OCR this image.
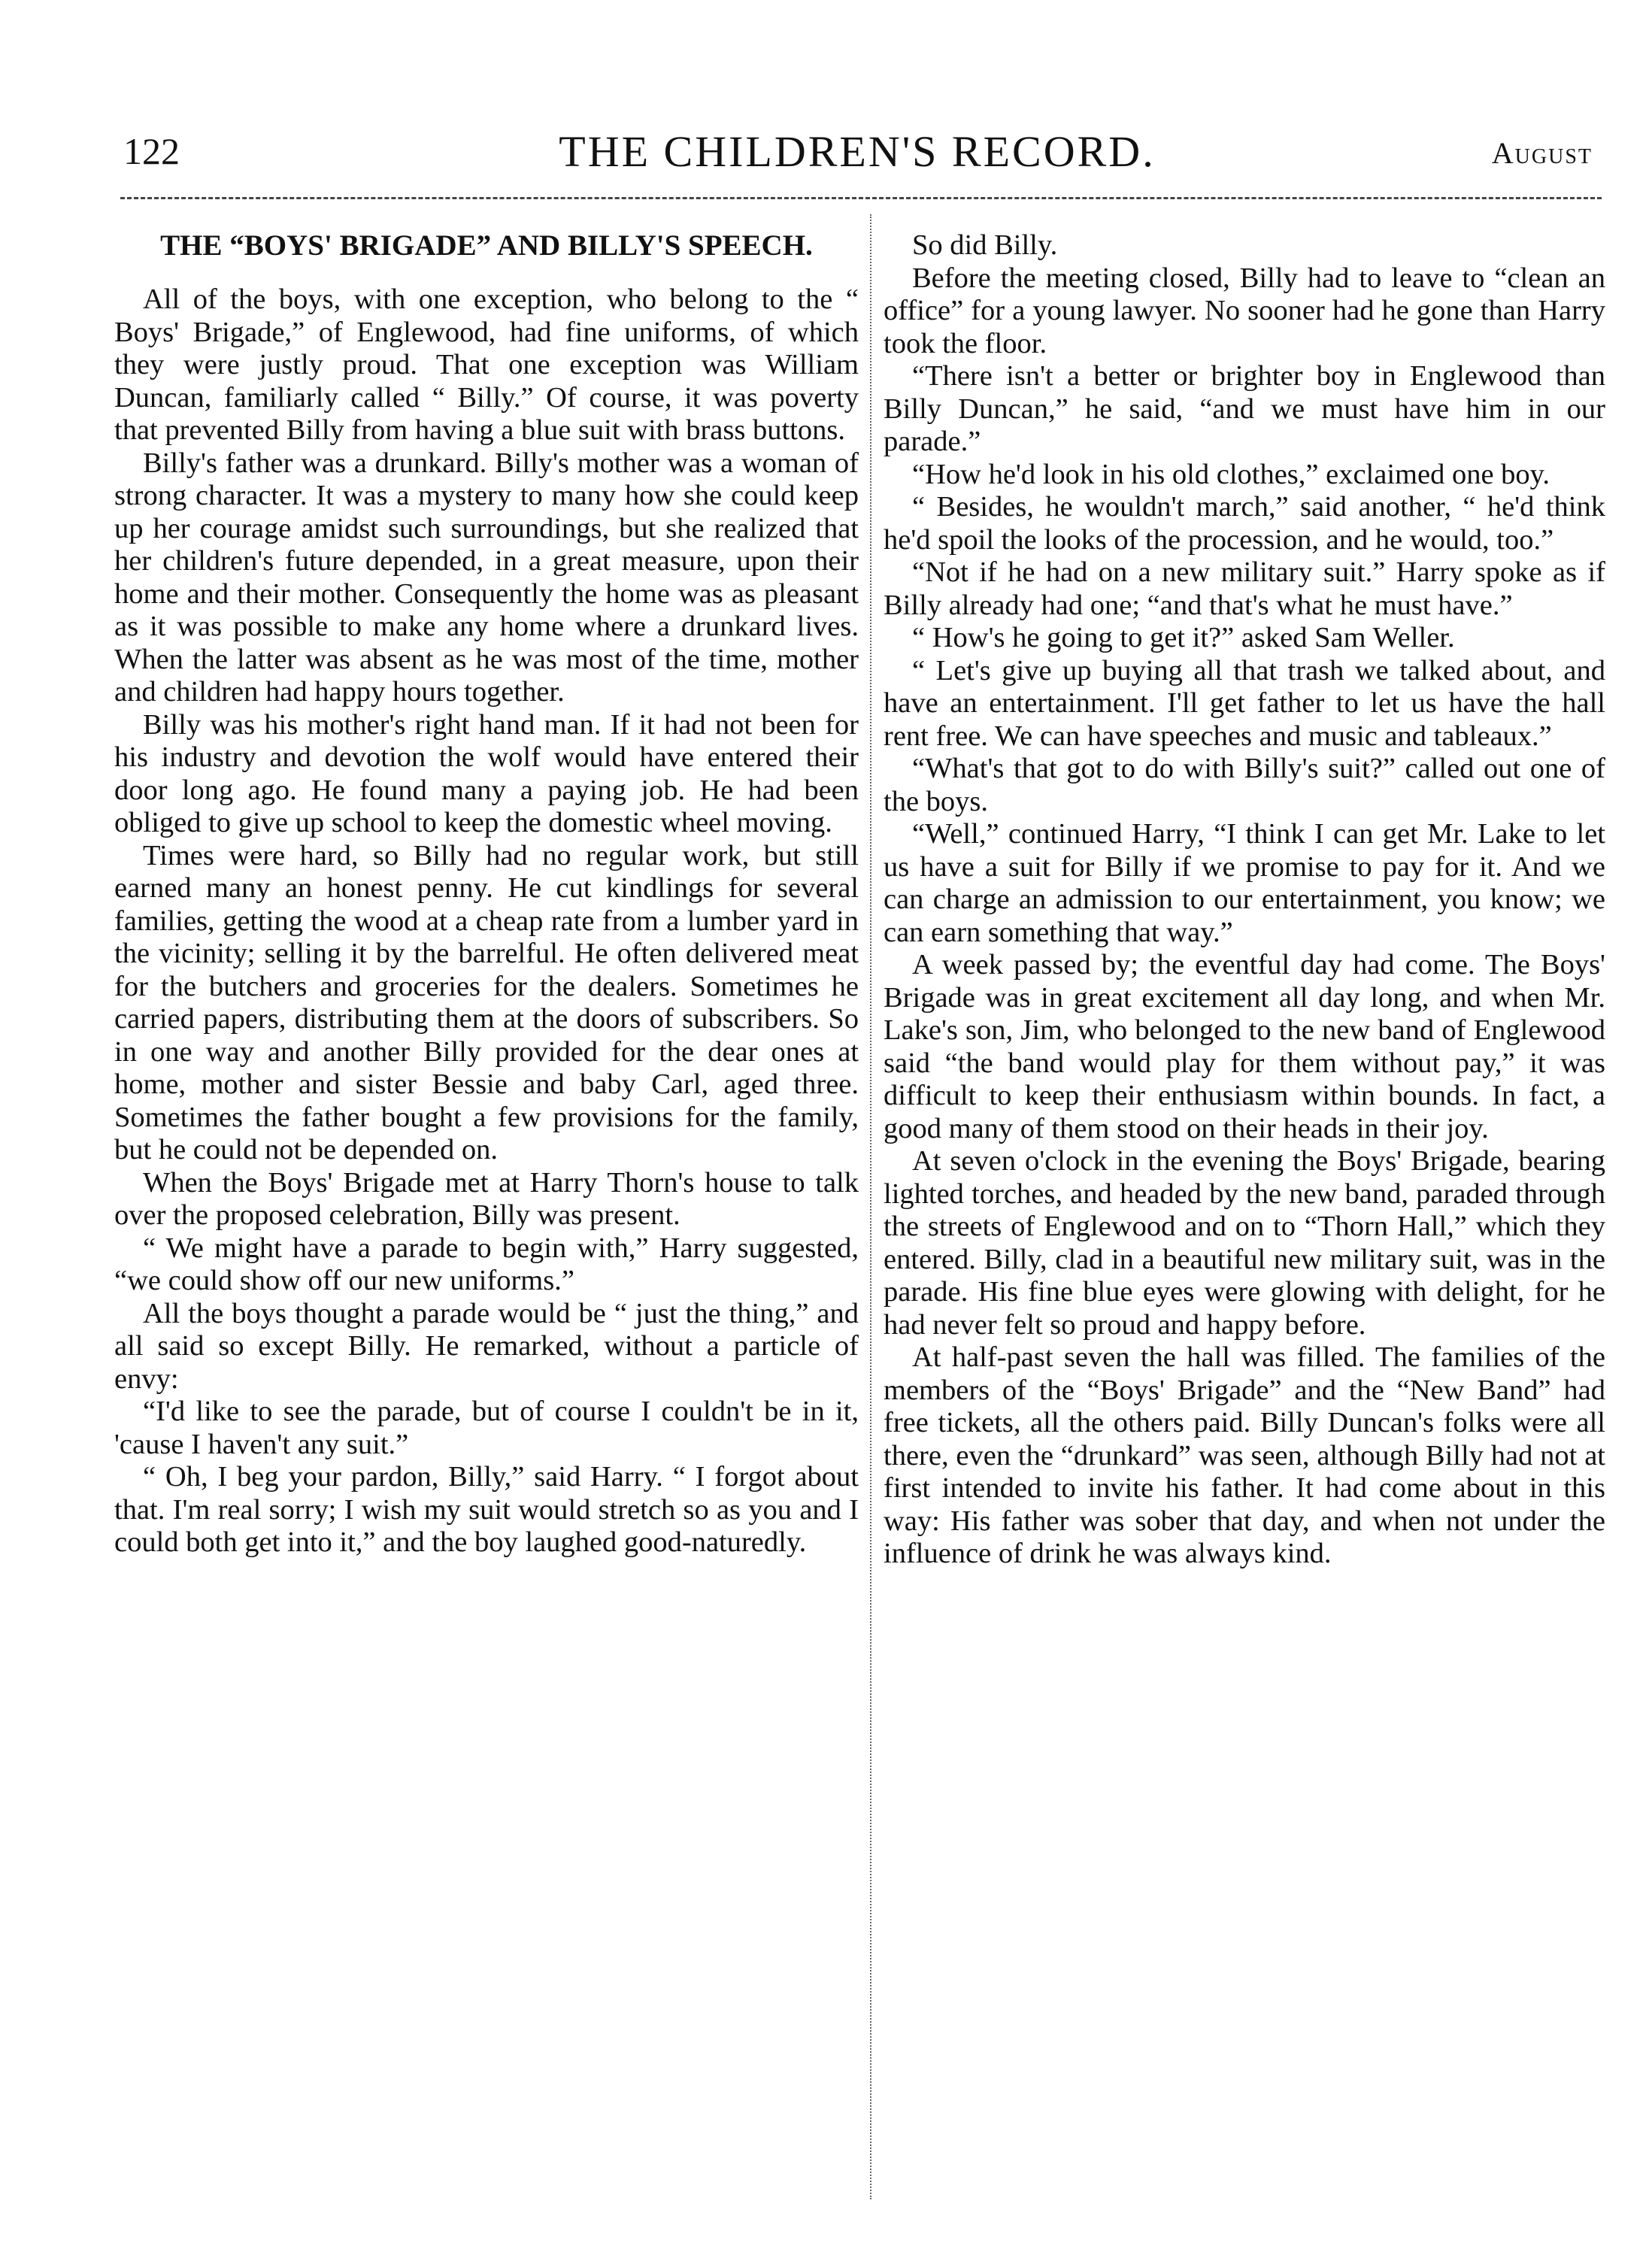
122	THE CHILDREN'S RECORD.	August
THE “BOYS' BRIGADE” AND BILLY'S SPEECH.

All of the boys, with one exception, who belong to the “ Boys' Brigade,” of Englewood, had fine uniforms, of which they were justly proud. That one exception was William Duncan, familiarly called “ Billy.” Of course, it was poverty that prevented Billy from having a blue suit with brass buttons.

Billy's father was a drunkard. Billy's mother was a woman of strong character. It was a mystery to many how she could keep up her courage amidst such surroundings, but she realized that her children's future depended, in a great measure, upon their home and their mother. Consequently the home was as pleasant as it was possible to make any home where a drunkard lives. When the latter was absent as he was most of the time, mother and children had happy hours together.

Billy was his mother's right hand man. If it had not been for his industry and devotion the wolf would have entered their door long ago. He found many a paying job. He had been obliged to give up school to keep the domestic wheel moving.

Times were hard, so Billy had no regular work, but still earned many an honest penny. He cut kindlings for several families, getting the wood at a cheap rate from a lumber yard in the vicinity; selling it by the barrelful. He often delivered meat for the butchers and groceries for the dealers. Sometimes he carried papers, distributing them at the doors of subscribers. So in one way and another Billy provided for the dear ones at home, mother and sister Bessie and baby Carl, aged three. Sometimes the father bought a few provisions for the family, but he could not be depended on.

When the Boys' Brigade met at Harry Thorn's house to talk over the proposed celebration, Billy was present.

“ We might have a parade to begin with,” Harry suggested, “we could show off our new uniforms.”

All the boys thought a parade would be “ just the thing,” and all said so except Billy. He remarked, without a particle of envy:

“I'd like to see the parade, but of course I couldn't be in it, 'cause I haven't any suit.”

“ Oh, I beg your pardon, Billy,” said Harry. “ I forgot about that. I'm real sorry; I wish my suit would stretch so as you and I could both get into it,” and the boy laughed good-naturedly.

So did Billy.

Before the meeting closed, Billy had to leave to “clean an office” for a young lawyer. No sooner had he gone than Harry took the floor.

“There isn't a better or brighter boy in Englewood than Billy Duncan,” he said, “and we must have him in our parade.”

“How he'd look in his old clothes,” exclaimed one boy.

“ Besides, he wouldn't march,” said another, “ he'd think he'd spoil the looks of the procession, and he would, too.”

“Not if he had on a new military suit.” Harry spoke as if Billy already had one; “and that's what he must have.”

“ How's he going to get it?” asked Sam Weller.

“ Let's give up buying all that trash we talked about, and have an entertainment. I'll get father to let us have the hall rent free. We can have speeches and music and tableaux.”

“What's that got to do with Billy's suit?” called out one of the boys.

“Well,” continued Harry, “I think I can get Mr. Lake to let us have a suit for Billy if we promise to pay for it. And we can charge an admission to our entertainment, you know; we can earn something that way.”

A week passed by; the eventful day had come. The Boys' Brigade was in great excitement all day long, and when Mr. Lake's son, Jim, who belonged to the new band of Englewood said “the band would play for them without pay,” it was difficult to keep their enthusiasm within bounds. In fact, a good many of them stood on their heads in their joy.

At seven o'clock in the evening the Boys' Brigade, bearing lighted torches, and headed by the new band, paraded through the streets of Englewood and on to “Thorn Hall,” which they entered. Billy, clad in a beautiful new military suit, was in the parade. His fine blue eyes were glowing with delight, for he had never felt so proud and happy before.

At half-past seven the hall was filled. The families of the members of the “Boys' Brigade” and the “New Band” had free tickets, all the others paid. Billy Duncan's folks were all there, even the “drunkard” was seen, although Billy had not at first intended to invite his father. It had come about in this way: His father was sober that day, and when not under the influence of drink he was always kind.
